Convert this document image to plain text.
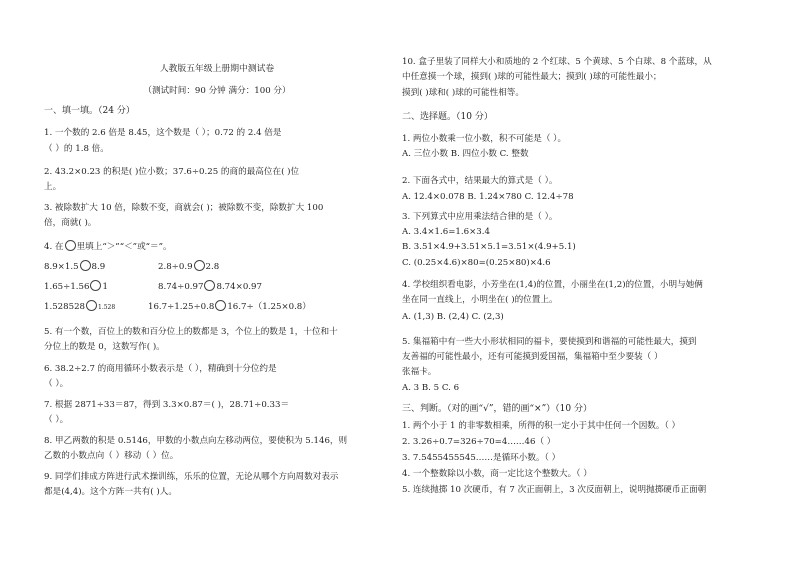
人教版五年级上册期中测试卷
（测试时间：90 分钟 满分：100 分）
一、填一填。（24 分）
1. 一个数的 2.6 倍是 8.45，这个数是（ ）；0.72 的 2.4 倍是
（ ）的 1.8 倍。
2. 43.2×0.23 的积是( )位小数；37.6÷0.25 的商的最高位在( )位
上。
3. 被除数扩大 10 倍，除数不变，商就会( )；被除数不变，除数扩大 100
倍，商就( )。
4. 在 里填上“＞”“＜”或“＝”。
8.9×1.5 8.9	2.8÷0.9 2.8
1.65÷1.56 1	8.74÷0.97 8.74×0.97
1.528528 1.528	16.7÷1.25÷0.8 16.7÷（1.25×0.8）
5. 有一个数，百位上的数和百分位上的数都是 3，个位上的数是 1，十位和十
分位上的数是 0，这数写作( )。
6. 38.2÷2.7 的商用循环小数表示是（ ），精确到十分位约是
（ ）。
7. 根据 2871÷33＝87，得到 3.3×0.87＝( )，28.71÷0.33＝
（ ）。
8. 甲乙两数的积是 0.5146，甲数的小数点向左移动两位，要使积为 5.146，则
乙数的小数点向（ ）移动（ ）位。
9. 同学们排成方阵进行武术操训练，乐乐的位置，无论从哪个方向周数对表示
都是(4,4)。这个方阵一共有( )人。
10. 盒子里装了同样大小和质地的 2 个红球、5 个黄球、5 个白球、8 个蓝球，从
中任意摸一个球，摸到( )球的可能性最大；摸到( )球的可能性最小；
摸到( )球和( )球的可能性相等。
二、选择题。（10 分）
1. 两位小数乘一位小数，积不可能是（ ）。
A. 三位小数 B. 四位小数 C. 整数
2. 下面各式中，结果最大的算式是（ ）。
A. 12.4×0.078 B. 1.24×780 C. 12.4÷78
3. 下列算式中应用乘法结合律的是（ ）。
A. 3.4×1.6=1.6×3.4
B. 3.51×4.9+3.51×5.1=3.51×(4.9+5.1)
C. (0.25×4.6)×80=(0.25×80)×4.6
4. 学校组织看电影，小芳坐在(1,4)的位置，小丽坐在(1,2)的位置，小明与她俩
坐在同一直线上，小明坐在( )的位置上。
A. (1,3) B. (2,4) C. (2,3)
5. 集福箱中有一些大小形状相同的福卡，要使摸到和谐福的可能性最大，摸到
友善福的可能性最小，还有可能摸到爱国福，集福箱中至少要装（ ）
张福卡。
A. 3 B. 5 C. 6
三、判断。（对的画“√”，错的画“×”）（10 分）
1. 两个小于 1 的非零数相乘，所得的积一定小于其中任何一个因数。（ ）
2. 3.26÷0.7=326÷70=4……46（ ）
3. 7.5455455545……是循环小数。（ ）
4. 一个整数除以小数，商一定比这个整数大。（ ）
5. 连续抛掷 10 次硬币，有 7 次正面朝上，3 次反面朝上，说明抛掷硬币正面朝
